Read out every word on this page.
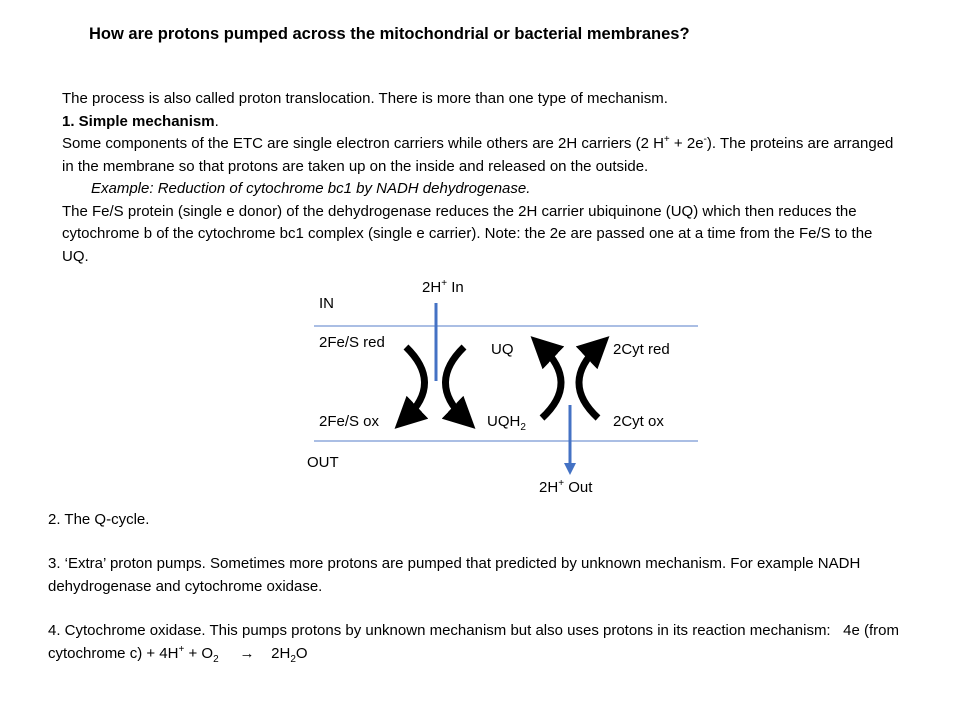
How are protons pumped across the mitochondrial or bacterial membranes?

The process is also called proton translocation. There is more than one type of mechanism.

1. Simple mechanism.

Some components of the ETC are single electron carriers while others are 2H carriers (2 H+ + 2e-). The proteins are arranged in the membrane so that protons are taken up on the inside and released on the outside.

Example: Reduction of cytochrome bc1 by NADH dehydrogenase.

The Fe/S protein (single e donor) of the dehydrogenase reduces the 2H carrier ubiquinone (UQ) which then reduces the cytochrome b of the cytochrome bc1 complex (single e carrier). Note: the 2e are passed one at a time from the Fe/S to the UQ.

2H+ In
IN
2Fe/S red	UQ	2Cyt red
2Fe/S ox	$UQH_2$	2Cyt ox
OUT
2H+ Out

2. The Q-cycle.

3. ‘Extra’ proton pumps. Sometimes more protons are pumped that predicted by unknown mechanism. For example NADH dehydrogenase and cytochrome oxidase.

4. Cytochrome oxidase. This pumps protons by unknown mechanism but also uses protons in its reaction mechanism: 4e (from cytochrome $c) + 4H^+ + O_2 \to 2H_2O$
